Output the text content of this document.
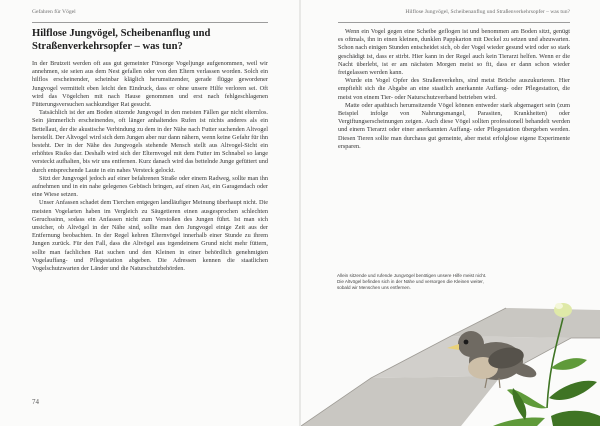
Gefahren für Vögel
Hilflose Jungvögel, Scheibenanflug und Straßenverkehrsopfer – was tun?

In der Brutzeit werden oft aus gut gemeinter Fürsorge Vogeljunge aufgenommen, weil wir annehmen, sie seien aus dem Nest gefallen oder von den Eltern verlassen worden. Solch ein hilflos erscheinender, scheinbar kläglich herumsitzender, gerade flügge gewordener Jungvogel vermittelt eben leicht den Eindruck, dass er ohne unsere Hilfe verloren sei. Oft wird das Vögelchen mit nach Hause genommen und erst nach fehlgeschlagenen Fütterungsversuchen sachkundiger Rat gesucht.

Tatsächlich ist der am Boden sitzende Jungvogel in den meisten Fällen gar nicht elternlos. Sein jämmerlich erscheinendes, oft länger anhaltendes Rufen ist nichts anderes als ein Bettellaut, der die akustische Verbindung zu dem in der Nähe nach Futter suchenden Altvogel herstellt. Der Altvogel wird sich dem Jungen aber nur dann nähern, wenn keine Gefahr für ihn besteht. Der in der Nähe des Jungvogels stehende Mensch stellt aus Altvogel-Sicht ein erhöhtes Risiko dar. Deshalb wird sich der Elternvogel mit dem Futter im Schnabel so lange versteckt aufhalten, bis wir uns entfernen. Kurz danach wird das bettelnde Junge gefüttert und durch entsprechende Laute in ein nahes Versteck gelockt.

Sitzt der Jungvogel jedoch auf einer befahrenen Straße oder einem Radweg, sollte man ihn aufnehmen und in ein nahe gelegenes Gebüsch bringen, auf einen Ast, ein Garagendach oder eine Wiese setzen.

Unser Anfassen schadet dem Tierchen entgegen landläufiger Meinung überhaupt nicht. Die meisten Vogelarten haben im Vergleich zu Säugetieren einen ausgesprochen schlechten Geruchssinn, sodass ein Anfassen nicht zum Verstoßen des Jungen führt. Ist man sich unsicher, ob Altvögel in der Nähe sind, sollte man den Jungvogel einige Zeit aus der Entfernung beobachten. In der Regel kehren Elternvögel innerhalb einer Stunde zu ihrem Jungen zurück. Für den Fall, dass die Altvögel aus irgendeinem Grund nicht mehr füttern, sollte man fachlichen Rat suchen und den Kleinen in einer behördlich genehmigten Vogelauffang- und Pflegestation abgeben. Die Adressen kennen die staatlichen Vogelschutzwarten der Länder und die Naturschutzbehörden.

74
Hilflose Jungvögel, Scheibenanflug und Straßenverkehrsopfer – was tun?

Wenn ein Vogel gegen eine Scheibe geflogen ist und benommen am Boden sitzt, genügt es oftmals, ihn in einen kleinen, dunklen Pappkarton mit Deckel zu setzen und abzuwarten. Schon nach einigen Stunden entscheidet sich, ob der Vogel wieder gesund wird oder so stark geschädigt ist, dass er stirbt. Hier kann in der Regel auch kein Tierarzt helfen. Wenn er die Nacht überlebt, ist er am nächsten Morgen meist so fit, dass er dann schon wieder freigelassen werden kann.

Wurde ein Vogel Opfer des Straßenverkehrs, sind meist Brüche auszukurieren. Hier empfiehlt sich die Abgabe an eine staatlich anerkannte Auffang- oder Pflegestation, die meist von einem Tier- oder Naturschutzverband betrieben wird.

Matte oder apathisch herumsitzende Vögel können entweder stark abgemagert sein (zum Beispiel infolge von Nahrungsmangel, Parasiten, Krankheiten) oder Vergiftungserscheinungen zeigen. Auch diese Vögel sollten professionell behandelt werden und einem Tierarzt oder einer anerkannten Auffang- oder Pflegestation übergeben werden. Diesen Tieren sollte man durchaus gut gemeinte, aber meist erfolglose eigene Experimente ersparen.

Allein sitzende und rufende Jungvögel benötigen unsere Hilfe meist nicht. Die Altvögel befinden sich in der Nähe und versorgen die Kleinen weiter, sobald wir Menschen uns entfernen.
